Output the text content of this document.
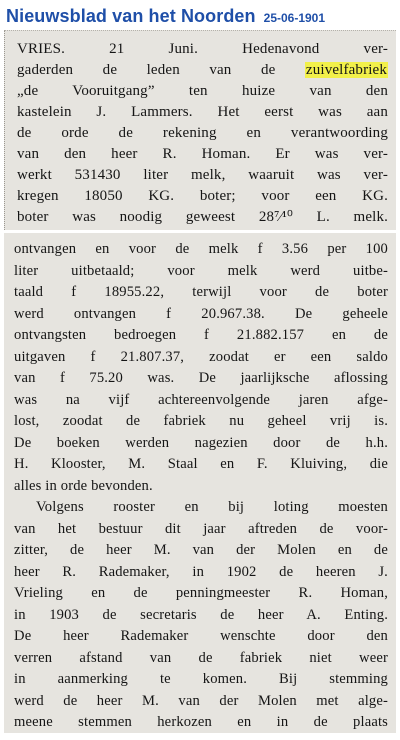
Nieuwsblad van het Noorden 25-06-1901
VRIES.	21 Juni. Hedenavond ver-
gaderden de leden van de zuivelfabriek
„de Vooruitgang” ten huize van den
kastelein J. Lammers. Het eerst was aan
de orde de rekening en verantwoording
van den heer R. Homan. Er was ver-
werkt 531430 liter melk, waaruit was ver-
kregen 18050 KG. boter; voor een KG.
boter was noodig geweest 28⁷⁄¹⁰ L. melk.
ontvangen en voor de melk f 3.56 per 100
liter uitbetaald; voor melk werd uitbe-
taald f 18955.22, terwijl voor de boter
werd ontvangen f 20.967.38. De geheele
ontvangsten bedroegen f 21.882.157 en de
uitgaven f 21.807.37, zoodat er een saldo
van f 75.20 was. De jaarlijksche aflossing
was na vijf achtereenvolgende jaren afge-
lost, zoodat de fabriek nu geheel vrij is.
De boeken werden nagezien door de h.h.
H. Klooster, M. Staal en F. Kluiving, die
alles in orde bevonden.
Volgens rooster en bij loting moesten
van het bestuur dit jaar aftreden de voor-
zitter, de heer M. van der Molen en de
heer R. Rademaker, in 1902 de heeren J.
Vrieling en de penningmeester R. Homan,
in 1903 de secretaris de heer A. Enting.
De heer Rademaker wenschte door den
verren afstand van de fabriek niet weer
in aanmerking te komen. Bij stemming
werd de heer M. van der Molen met alge-
meene stemmen herkozen en in de plaats
